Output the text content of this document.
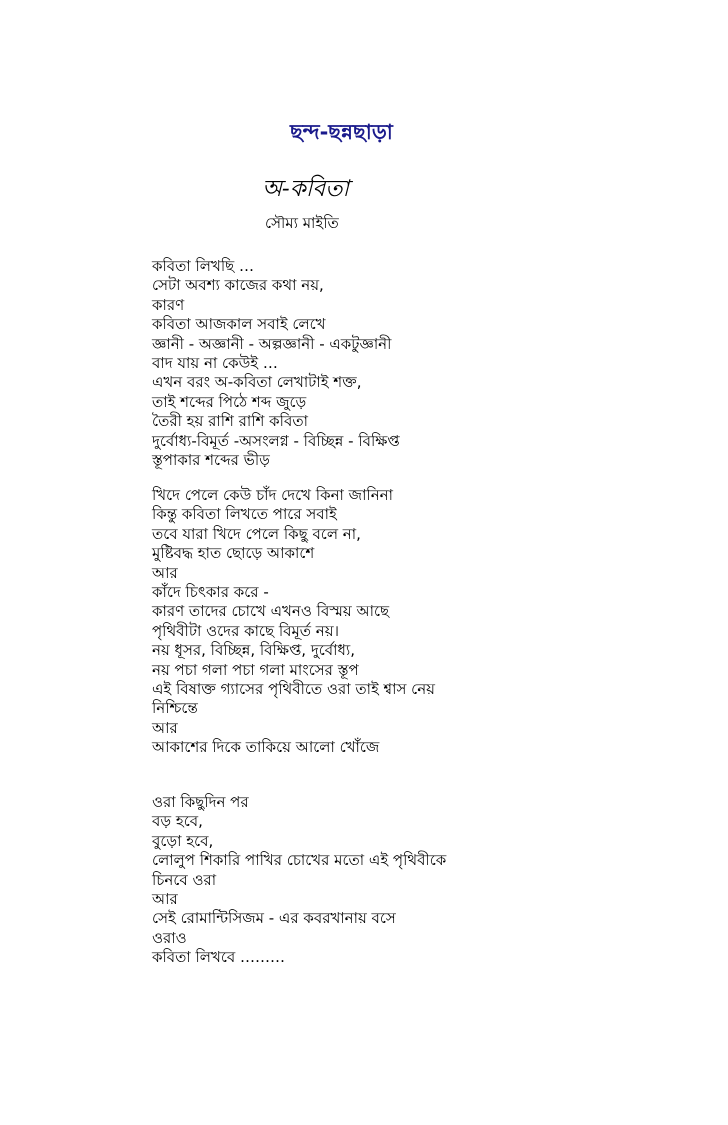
ছন্দ-ছন্নছাড়া
অ-কবিতা
সৌম্য মাইতি
কবিতা লিখছি …
সেটা অবশ্য কাজের কথা নয়,
কারণ
কবিতা আজকাল সবাই লেখে
জ্ঞানী - অজ্ঞানী - অল্পজ্ঞানী - একটুজ্ঞানী
বাদ যায় না কেউই …
এখন বরং অ-কবিতা লেখাটাই শক্ত,
তাই শব্দের পিঠে শব্দ জুড়ে
তৈরী হয় রাশি রাশি কবিতা
দুর্বোধ্য-বিমূর্ত -অসংলগ্ন - বিচ্ছিন্ন - বিক্ষিপ্ত
স্তূপাকার শব্দের ভীড়
খিদে পেলে কেউ চাঁদ দেখে কিনা জানিনা
কিন্তু কবিতা লিখতে পারে সবাই
তবে যারা খিদে পেলে কিছু বলে না,
মুষ্টিবদ্ধ হাত ছোড়ে আকাশে
আর
কাঁদে চিৎকার করে -
কারণ তাদের চোখে এখনও বিস্ময় আছে
পৃথিবীটা ওদের কাছে বিমূর্ত নয়।
নয় ধূসর, বিচ্ছিন্ন, বিক্ষিপ্ত, দুর্বোধ্য,
নয় পচা গলা পচা গলা মাংসের স্তূপ
এই বিষাক্ত গ্যাসের পৃথিবীতে ওরা তাই শ্বাস নেয়
নিশ্চিন্তে
আর
আকাশের দিকে তাকিয়ে আলো খোঁজে
ওরা কিছুদিন পর
বড় হবে,
বুড়ো হবে,
লোলুপ শিকারি পাখির চোখের মতো এই পৃথিবীকে
চিনবে ওরা
আর
সেই রোমান্টিসিজম - এর কবরখানায় বসে
ওরাও
কবিতা লিখবে ………
